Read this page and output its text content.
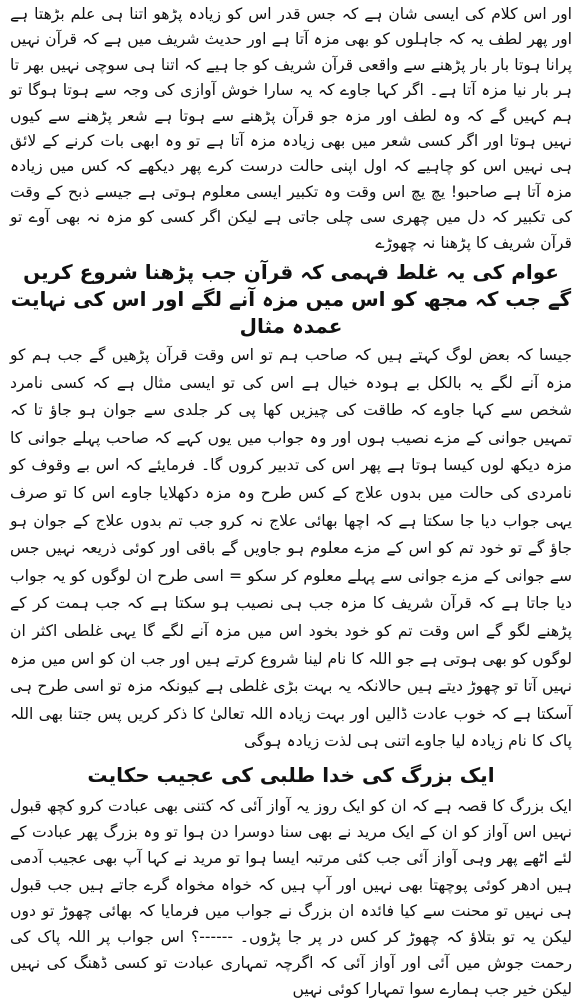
اور اس کلام کی ایسی شان ہے کہ جس قدر اس کو زیادہ پڑھو اتنا ہی علم بڑھتا ہے اور پھر لطف یہ کہ جاہلوں کو بھی مزہ آتا ہے اور حدیث شریف میں ہے کہ قرآن نہیں پرانا ہوتا بار بار پڑھنے سے واقعی قرآن شریف کو جا ہیے کہ اتنا ہی سوچی نہیں بھر تا ہر بار نیا مزہ آتا ہے۔ اگر کہا جاوے کہ یہ سارا خوش آوازی کی وجہ سے ہوتا ہوگا تو ہم کہیں گے کہ وہ لطف اور مزہ جو قرآن پڑھنے سے ہوتا ہے شعر پڑھنے سے کیوں نہیں ہوتا اور اگر کسی شعر میں بھی زیادہ مزہ آتا ہے تو وہ ابھی بات کرنے کے لائق ہی نہیں اس کو چاہیے کہ اول اپنی حالت درست کرے پھر دیکھے کہ کس میں زیادہ مزہ آتا ہے صاحبو! یچ یچ اس وقت وہ تکبیر ایسی معلوم ہوتی ہے جیسے ذبح کے وقت کی تکبیر کہ دل میں چھری سی چلی جاتی ہے لیکن اگر کسی کو مزہ نہ بھی آوے تو قرآن شریف کا پڑھنا نہ چھوڑے

عوام کی یہ غلط فہمی کہ قرآن جب پڑھنا شروع کریں گے جب کہ مجھ کو اس میں مزہ آنے لگے اور اس کی نہایت عمدہ مثال

جیسا کہ بعض لوگ کہتے ہیں کہ صاحب ہم تو اس وقت قرآن پڑھیں گے جب ہم کو مزہ آنے لگے یہ بالکل بے ہودہ خیال ہے اس کی تو ایسی مثال ہے کہ کسی نامرد شخص سے کہا جاوے کہ طاقت کی چیزیں کھا پی کر جلدی سے جوان ہو جاؤ تا کہ تمہیں جوانی کے مزے نصیب ہوں اور وہ جواب میں یوں کہے کہ صاحب پہلے جوانی کا مزہ دیکھ لوں کیسا ہوتا ہے پھر اس کی تدبیر کروں گا۔ فرمایئے کہ اس بے وقوف کو نامردی کی حالت میں بدوں علاج کے کس طرح وہ مزہ دکھلایا جاوے اس کا تو صرف یہی جواب دیا جا سکتا ہے کہ اچھا بھائی علاج نہ کرو جب تم بدوں علاج کے جوان ہو جاؤ گے تو خود تم کو اس کے مزے معلوم ہو جاویں گے باقی اور کوئی ذریعہ نہیں جس سے جوانی کے مزے جوانی سے پہلے معلوم کر سکو = اسی طرح ان لوگوں کو یہ جواب دیا جاتا ہے کہ قرآن شریف کا مزہ جب ہی نصیب ہو سکتا ہے کہ جب ہمت کر کے پڑھنے لگو گے اس وقت تم کو خود بخود اس میں مزہ آنے لگے گا یہی غلطی اکثر ان لوگوں کو بھی ہوتی ہے جو اللہ کا نام لینا شروع کرتے ہیں اور جب ان کو اس میں مزہ نہیں آتا تو چھوڑ دیتے ہیں حالانکہ یہ بہت بڑی غلطی ہے کیونکہ مزہ تو اسی طرح ہی آسکتا ہے کہ خوب عادت ڈالیں اور بہت زیادہ اللہ تعالیٰ کا ذکر کریں پس جتنا بھی اللہ پاک کا نام زیادہ لیا جاوے اتنی ہی لذت زیادہ ہوگی

ایک بزرگ کی خدا طلبی کی عجیب حکایت

ایک بزرگ کا قصہ ہے کہ ان کو ایک روز یہ آواز آئی کہ کتنی بھی عبادت کرو کچھ قبول نہیں اس آواز کو ان کے ایک مرید نے بھی سنا دوسرا دن ہوا تو وہ بزرگ پھر عبادت کے لئے اٹھے پھر وہی آواز آئی جب کئی مرتبہ ایسا ہوا تو مرید نے کہا آپ بھی عجیب آدمی ہیں ادھر کوئی پوچھتا بھی نہیں اور آپ ہیں کہ خواہ مخواہ گرے جاتے ہیں جب قبول ہی نہیں تو محنت سے کیا فائدہ ان بزرگ نے جواب میں فرمایا کہ بھائی چھوڑ تو دوں لیکن یہ تو بتلاؤ کہ چھوڑ کر کس در پر جا پڑوں۔ ------؟ اس جواب پر اللہ پاک کی رحمت جوش میں آئی اور آواز آئی کہ اگرچہ تمہاری عبادت تو کسی ڈھنگ کی نہیں لیکن خیر جب ہمارے سوا تمہارا کوئی نہیں
